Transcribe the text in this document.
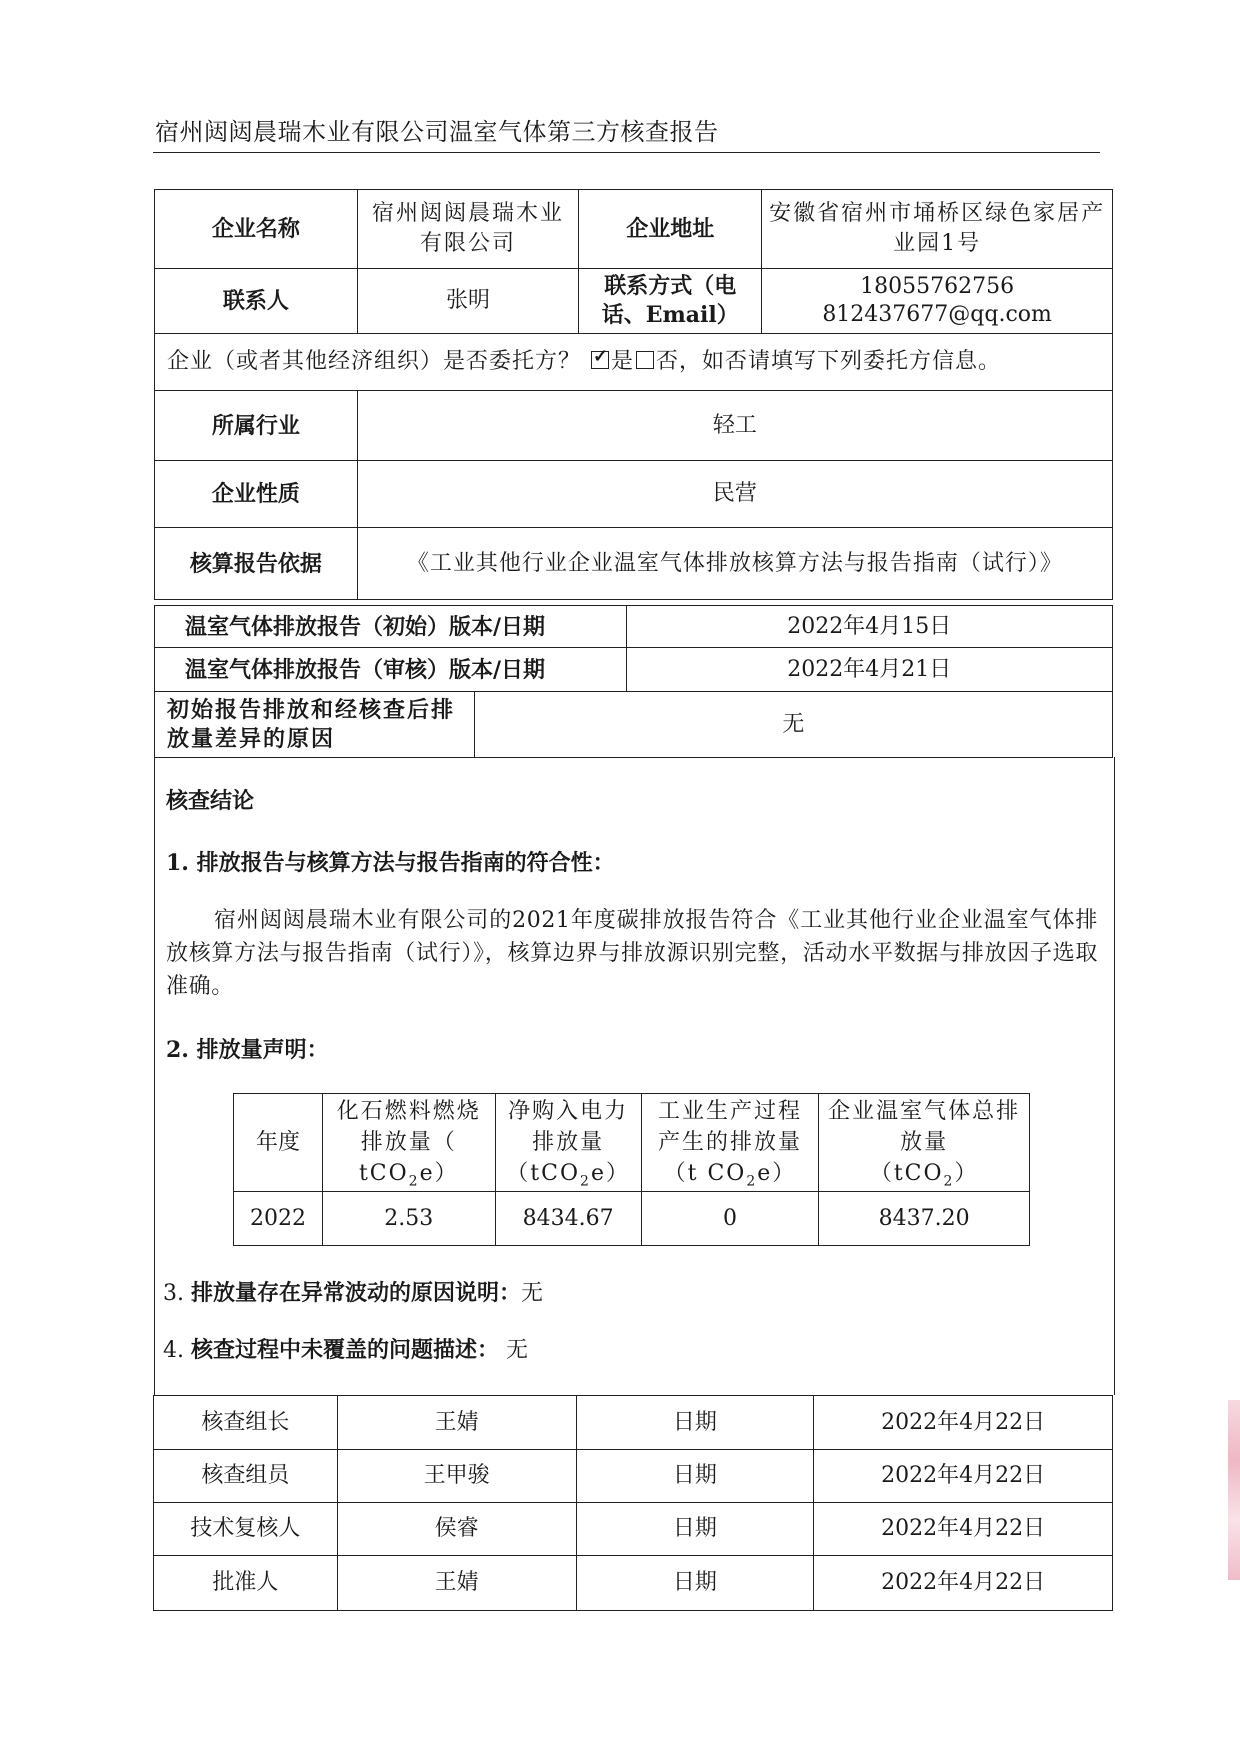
宿州闼闼晨瑞木业有限公司温室气体第三方核查报告
企业名称	宿州闼闼晨瑞木业有限公司	企业地址	安徽省宿州市埇桥区绿色家居产业园1号
联系人	张明	联系方式（电话、Email）	18055762756
812437677@qq.com
企业（或者其他经济组织）是否委托方？ ✓ 是 否，如否请填写下列委托方信息。
所属行业	轻工
企业性质	民营
核算报告依据	《工业其他行业企业温室气体排放核算方法与报告指南（试行）》
温室气体排放报告（初始）版本/日期	2022年4月15日
温室气体排放报告（审核）版本/日期	2022年4月21日
初始报告排放和经核查后排放量差异的原因	无
核查结论
1. 排放报告与核算方法与报告指南的符合性：
宿州闼闼晨瑞木业有限公司的2021年度碳排放报告符合《工业其他行业企业温室气体排放核算方法与报告指南（试行）》，核算边界与排放源识别完整，活动水平数据与排放因子选取准确。
2. 排放量声明：
年度	化石燃料燃烧排放量（
tCO$_2$e）	净购入电力排放量
（tCO$_2$e）	工业生产过程产生的排放量
（t $CO_2e$）	企业温室气体总排放量
（tCO$_2$）
2022	2.53	8434.67	0	8437.20
3. 排放量存在异常波动的原因说明：无
4. 核查过程中未覆盖的问题描述： 无
核查组长	王婧	日期	2022年4月22日
核查组员	王甲骏	日期	2022年4月22日
技术复核人	侯睿	日期	2022年4月22日
批准人	王婧	日期	2022年4月22日
